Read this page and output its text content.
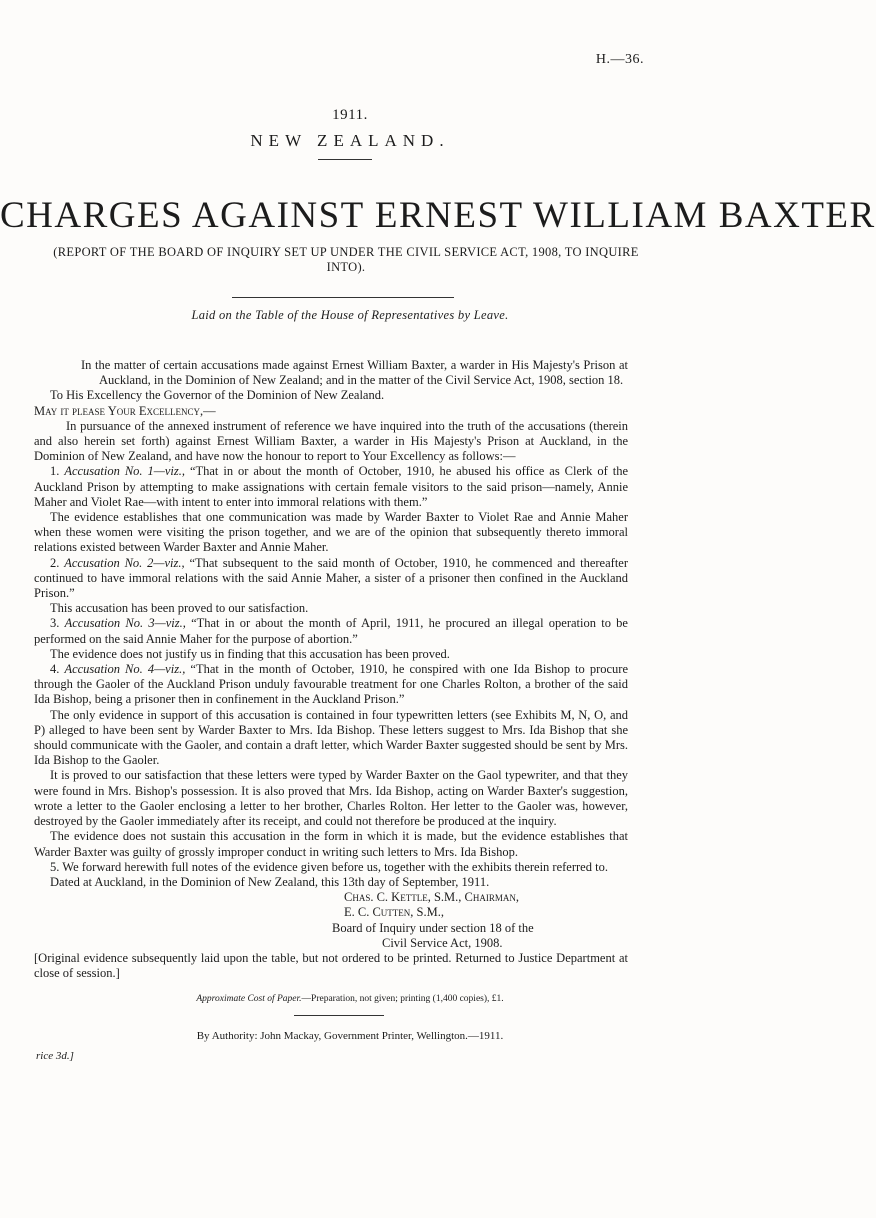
H.—36.
1911.
NEW ZEALAND.
CHARGES AGAINST ERNEST WILLIAM BAXTER
(REPORT OF THE BOARD OF INQUIRY SET UP UNDER THE CIVIL SERVICE ACT, 1908, TO INQUIRE INTO).
Laid on the Table of the House of Representatives by Leave.

In the matter of certain accusations made against Ernest William Baxter, a warder in His Majesty's Prison at Auckland, in the Dominion of New Zealand; and in the matter of the Civil Service Act, 1908, section 18.

To His Excellency the Governor of the Dominion of New Zealand.

May it please Your Excellency,—

In pursuance of the annexed instrument of reference we have inquired into the truth of the accusations (therein and also herein set forth) against Ernest William Baxter, a warder in His Majesty's Prison at Auckland, in the Dominion of New Zealand, and have now the honour to report to Your Excellency as follows:—

1. Accusation No. 1—viz., “That in or about the month of October, 1910, he abused his office as Clerk of the Auckland Prison by attempting to make assignations with certain female visitors to the said prison—namely, Annie Maher and Violet Rae—with intent to enter into immoral relations with them.”

The evidence establishes that one communication was made by Warder Baxter to Violet Rae and Annie Maher when these women were visiting the prison together, and we are of the opinion that subsequently thereto immoral relations existed between Warder Baxter and Annie Maher.

2. Accusation No. 2—viz., “That subsequent to the said month of October, 1910, he commenced and thereafter continued to have immoral relations with the said Annie Maher, a sister of a prisoner then confined in the Auckland Prison.”

This accusation has been proved to our satisfaction.

3. Accusation No. 3—viz., “That in or about the month of April, 1911, he procured an illegal operation to be performed on the said Annie Maher for the purpose of abortion.”

The evidence does not justify us in finding that this accusation has been proved.

4. Accusation No. 4—viz., “That in the month of October, 1910, he conspired with one Ida Bishop to procure through the Gaoler of the Auckland Prison unduly favourable treatment for one Charles Rolton, a brother of the said Ida Bishop, being a prisoner then in confinement in the Auckland Prison.”

The only evidence in support of this accusation is contained in four typewritten letters (see Exhibits M, N, O, and P) alleged to have been sent by Warder Baxter to Mrs. Ida Bishop. These letters suggest to Mrs. Ida Bishop that she should communicate with the Gaoler, and contain a draft letter, which Warder Baxter suggested should be sent by Mrs. Ida Bishop to the Gaoler.

It is proved to our satisfaction that these letters were typed by Warder Baxter on the Gaol typewriter, and that they were found in Mrs. Bishop's possession. It is also proved that Mrs. Ida Bishop, acting on Warder Baxter's suggestion, wrote a letter to the Gaoler enclosing a letter to her brother, Charles Rolton. Her letter to the Gaoler was, however, destroyed by the Gaoler immediately after its receipt, and could not therefore be produced at the inquiry.

The evidence does not sustain this accusation in the form in which it is made, but the evidence establishes that Warder Baxter was guilty of grossly improper conduct in writing such letters to Mrs. Ida Bishop.

5. We forward herewith full notes of the evidence given before us, together with the exhibits therein referred to.

Dated at Auckland, in the Dominion of New Zealand, this 13th day of September, 1911.

Chas. C. Kettle, S.M., Chairman,

E. C. Cutten, S.M.,

Board of Inquiry under section 18 of the

Civil Service Act, 1908.

[Original evidence subsequently laid upon the table, but not ordered to be printed. Returned to Justice Department at close of session.]

Approximate Cost of Paper.—Preparation, not given; printing (1,400 copies), £1.
By Authority: John Mackay, Government Printer, Wellington.—1911.
rice 3d.]
